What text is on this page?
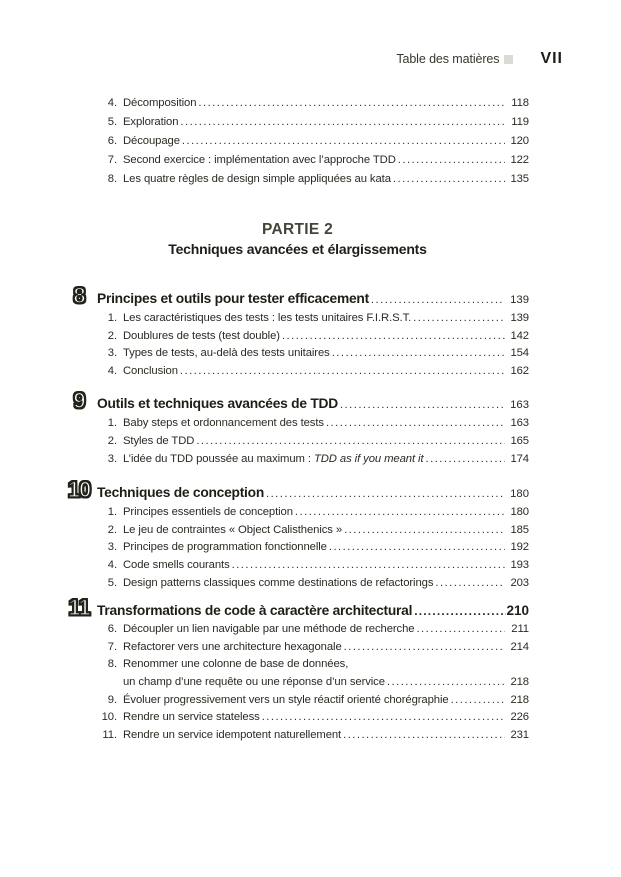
Table des matières	VII
4. Décomposition .....	118
5. Exploration .....	119
6. Découpage .....	120
7. Second exercice : implémentation avec l’approche TDD .....	122
8. Les quatre règles de design simple appliquées au kata .....	135
PARTIE 2
Techniques avancées et élargissements
8 Principes et outils pour tester efficacement .....	139
1. Les caractéristiques des tests : les tests unitaires F.I.R.S.T. .....	139
2. Doublures de tests (test double) .....	142
3. Types de tests, au-delà des tests unitaires .....	154
4. Conclusion .....	162
9 Outils et techniques avancées de TDD .....	163
1. Baby steps et ordonnancement des tests .....	163
2. Styles de TDD .....	165
3. L’idée du TDD poussée au maximum : TDD as if you meant it .....	174
10 Techniques de conception .....	180
1. Principes essentiels de conception .....	180
2. Le jeu de contraintes « Object Calisthenics » .....	185
3. Principes de programmation fonctionnelle .....	192
4. Code smells courants .....	193
5. Design patterns classiques comme destinations de refactorings .....	203
11 Transformations de code à caractère architectural .....	210
6. Découpler un lien navigable par une méthode de recherche .....	211
7. Refactorer vers une architecture hexagonale .....	214
8. Renommer une colonne de base de données,
un champ d’une requête ou une réponse d’un service .....	218
9. Évoluer progressivement vers un style réactif orienté chorégraphie .....	218
10. Rendre un service stateless .....	226
11. Rendre un service idempotent naturellement .....	231
